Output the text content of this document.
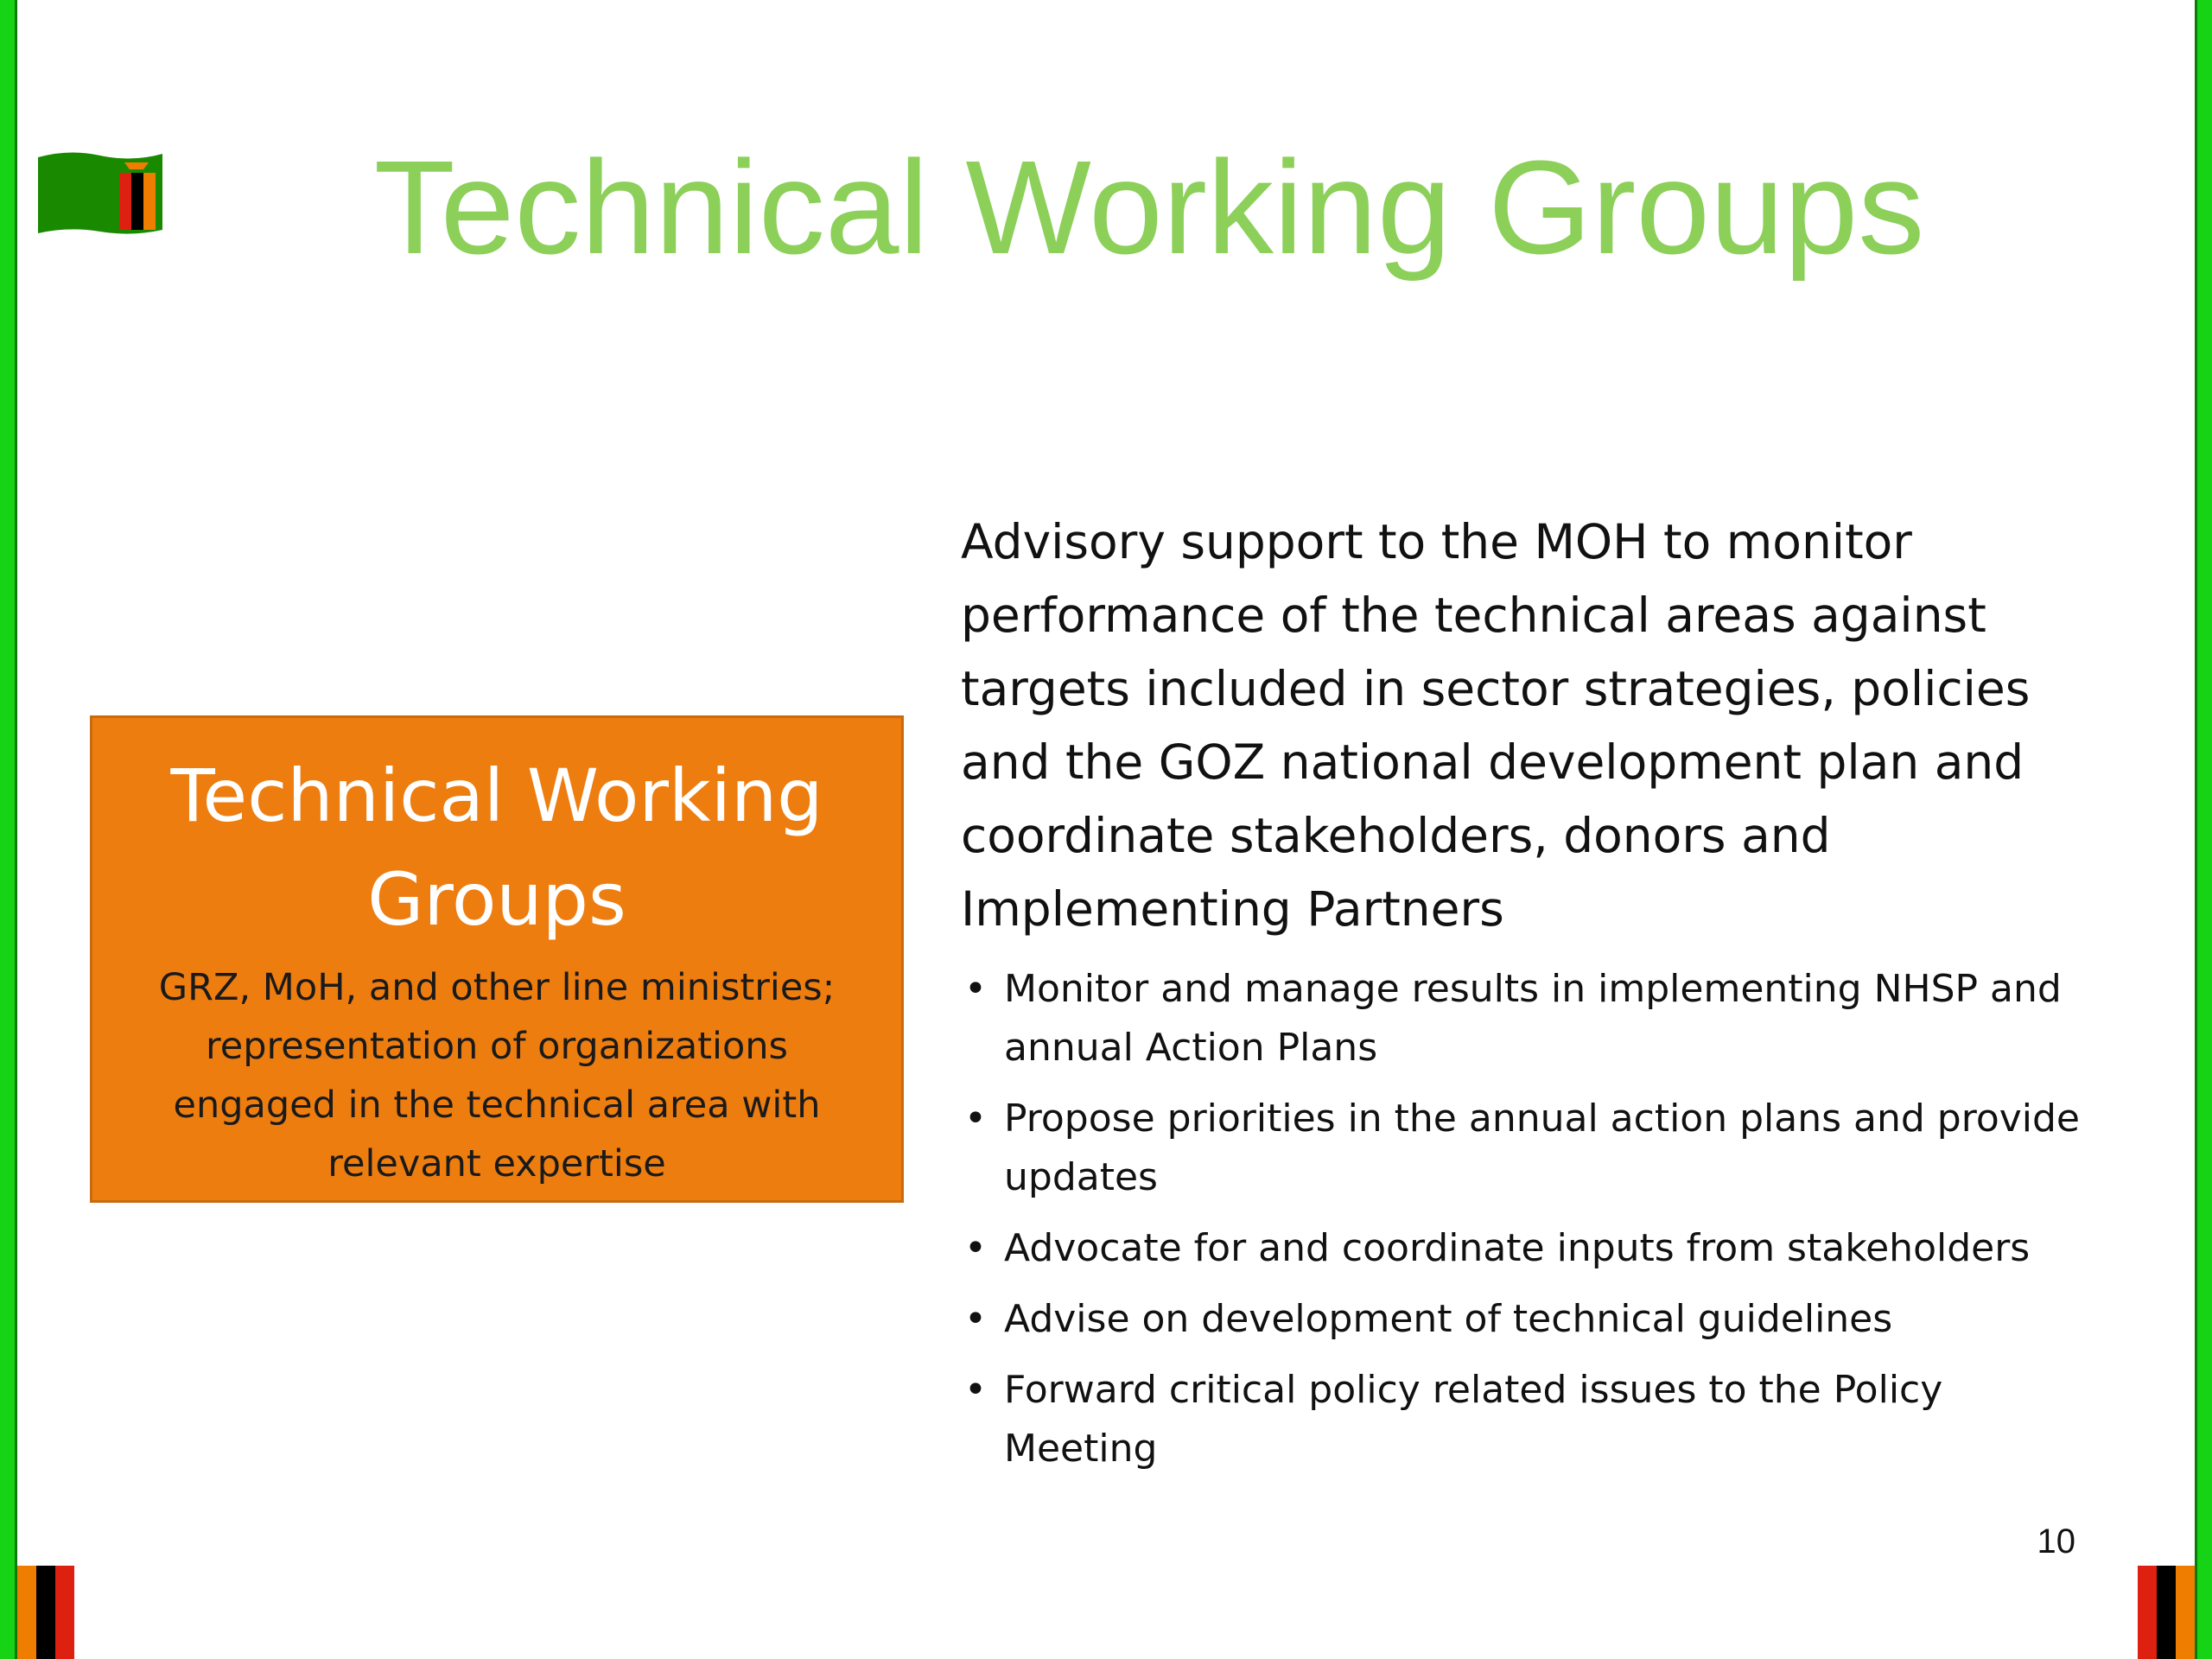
Technical Working Groups
Technical Working Groups
GRZ, MoH, and other line ministries; representation of organizations engaged in the technical area with relevant expertise

Advisory support to the MOH to monitor performance of the technical areas against targets included in sector strategies, policies and the GOZ national development plan and coordinate stakeholders, donors and Implementing Partners

• Monitor and manage results in implementing NHSP and annual Action Plans
• Propose priorities in the annual action plans and provide updates
• Advocate for and coordinate inputs from stakeholders
• Advise on development of technical guidelines
• Forward critical policy related issues to the Policy Meeting
10
